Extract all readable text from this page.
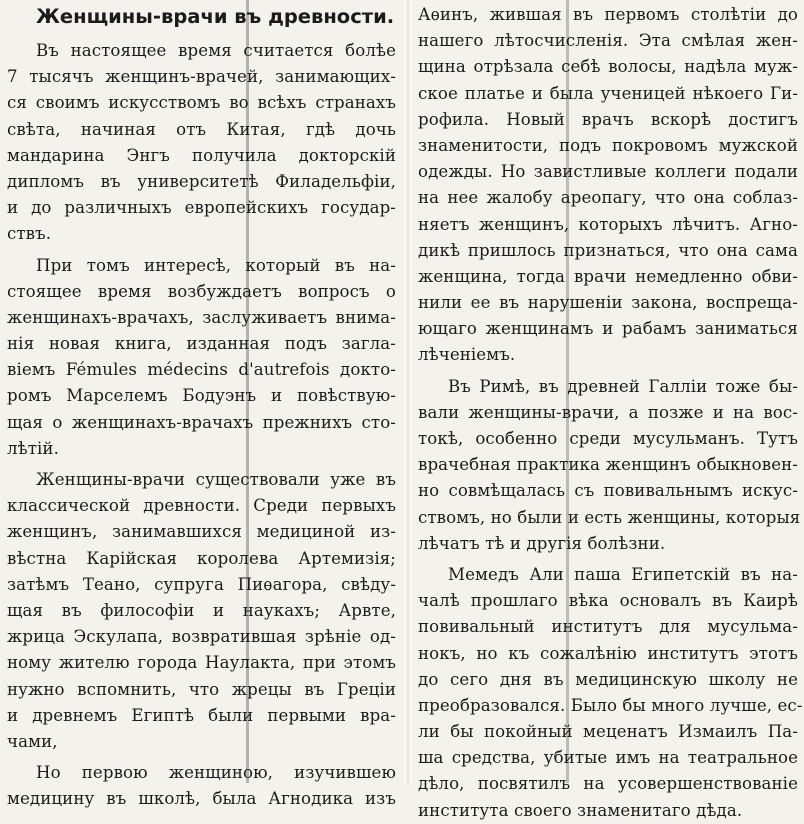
Женщины-врачи въ древности.
Въ настоящее время считается болѣе
7 тысячъ женщинъ-врачей, занимающих-
ся своимъ искусствомъ во всѣхъ странахъ
свѣта, начиная отъ Китая, гдѣ дочь
мандарина Энгъ получила докторскій
дипломъ въ университетѣ Филадельфіи,
и до различныхъ европейскихъ государ-
ствъ.
При томъ интересѣ, который въ на-
стоящее время возбуждаетъ вопросъ о
женщинахъ-врачахъ, заслуживаетъ внима-
нія новая книга, изданная подъ загла-
віемъ Fémules médecins d'autrefois докто-
ромъ Марселемъ Бодуэнъ и повѣствую-
щая о женщинахъ-врачахъ прежнихъ сто-
лѣтій.
Женщины-врачи существовали уже въ
классической древности. Среди первыхъ
женщинъ, занимавшихся медициной из-
вѣстна Карійская королева Артемизія;
затѣмъ Теано, супруга Пиѳагора, свѣду-
щая въ философіи и наукахъ; Арвте,
жрица Эскулапа, возвратившая зрѣніе од-
ному жителю города Наулакта, при этомъ
нужно вспомнить, что жрецы въ Греціи
и древнемъ Египтѣ были первыми вра-
чами,
Но первою женщиною, изучившею
медицину въ школѣ, была Агнодика изъ
Аѳинъ, жившая въ первомъ столѣтіи до
нашего лѣтосчисленія. Эта смѣлая жен-
щина отрѣзала себѣ волосы, надѣла муж-
ское платье и была ученицей нѣкоего Ги-
рофила. Новый врачъ вскорѣ достигъ
знаменитости, подъ покровомъ мужской
одежды. Но завистливые коллеги подали
на нее жалобу ареопагу, что она соблаз-
няетъ женщинъ, которыхъ лѣчитъ. Агно-
дикѣ пришлось признаться, что она сама
женщина, тогда врачи немедленно обви-
нили ее въ нарушеніи закона, воспреща-
ющаго женщинамъ и рабамъ заниматься
лѣченіемъ.
Въ Римѣ, въ древней Галліи тоже бы-
вали женщины-врачи, а позже и на вос-
токѣ, особенно среди мусульманъ. Тутъ
врачебная практика женщинъ обыкновен-
но совмѣщалась съ повивальнымъ искус-
ствомъ, но были и есть женщины, которыя
лѣчатъ тѣ и другія болѣзни.
Мемедъ Али паша Египетскій въ на-
чалѣ прошлаго вѣка основалъ въ Каирѣ
повивальный институтъ для мусульма-
нокъ, но къ сожалѣнію институтъ этотъ
до сего дня въ медицинскую школу не
преобразовался. Было бы много лучше, ес-
ли бы покойный меценатъ Измаилъ Па-
ша средства, убитые имъ на театральное
дѣло, посвятилъ на усовершенствованіе
института своего знаменитаго дѣда.
